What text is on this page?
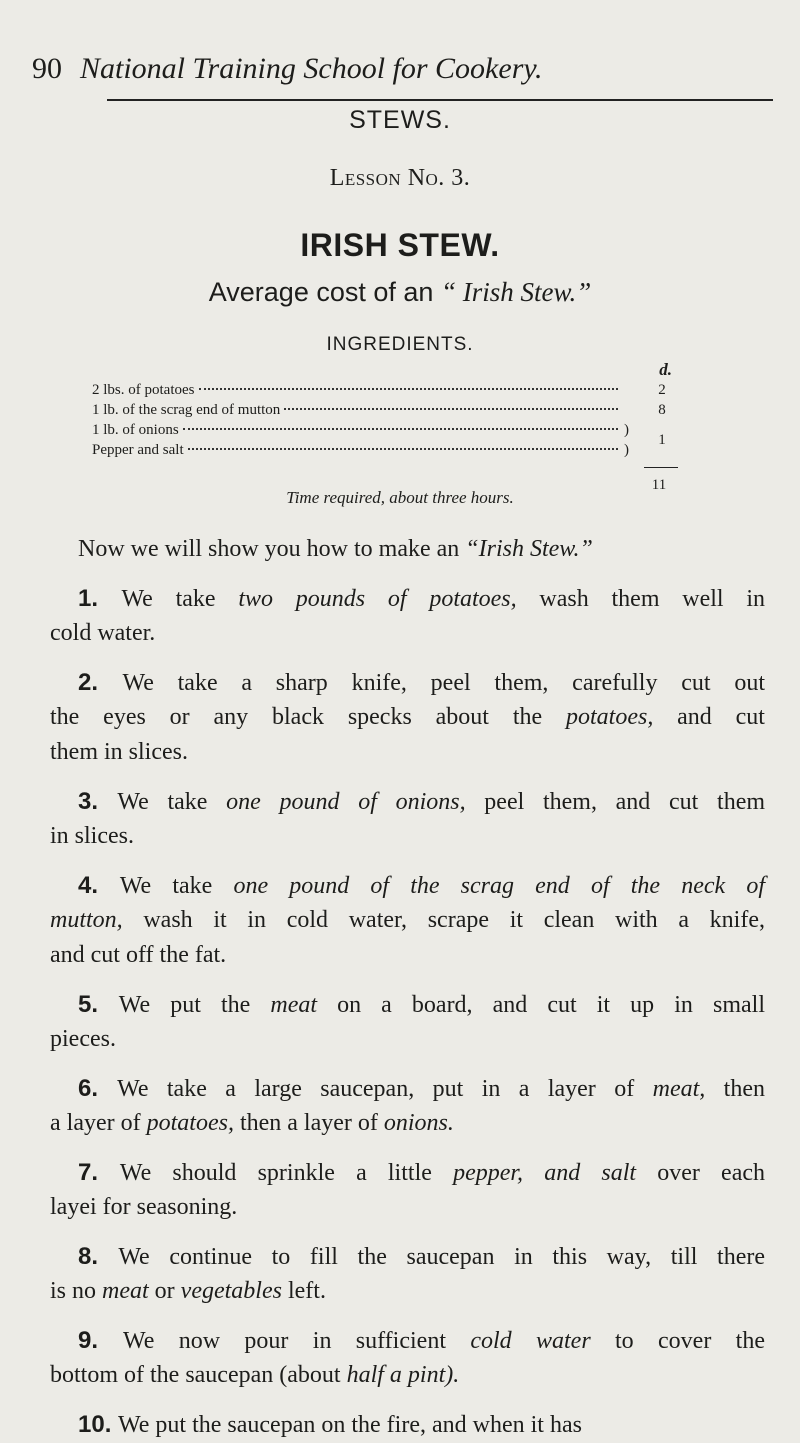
90 National Training School for Cookery.
STEWS.
Lesson No. 3.
IRISH STEW.
Average cost of an “ Irish Stew.”
INGREDIENTS.
d.
2 lbs. of potatoes	2
1 lb. of the scrag end of mutton	8
1 lb. of onions
Pepper and salt
)
)
1
11
Time required, about three hours.
Now we will show you how to make an “Irish Stew.”
1. We take two pounds of potatoes, wash them well in
cold water.
2. We take a sharp knife, peel them, carefully cut out
the eyes or any black specks about the potatoes, and cut
them in slices.
3. We take one pound of onions, peel them, and cut them
in slices.
4. We take one pound of the scrag end of the neck of
mutton, wash it in cold water, scrape it clean with a knife,
and cut off the fat.
5. We put the meat on a board, and cut it up in small
pieces.
6. We take a large saucepan, put in a layer of meat, then
a layer of potatoes, then a layer of onions.
7. We should sprinkle a little pepper, and salt over each
layei for seasoning.
8. We continue to fill the saucepan in this way, till there
is no meat or vegetables left.
9. We now pour in sufficient cold water to cover the
bottom of the saucepan (about half a pint).
10. We put the saucepan on the fire, and when it has
